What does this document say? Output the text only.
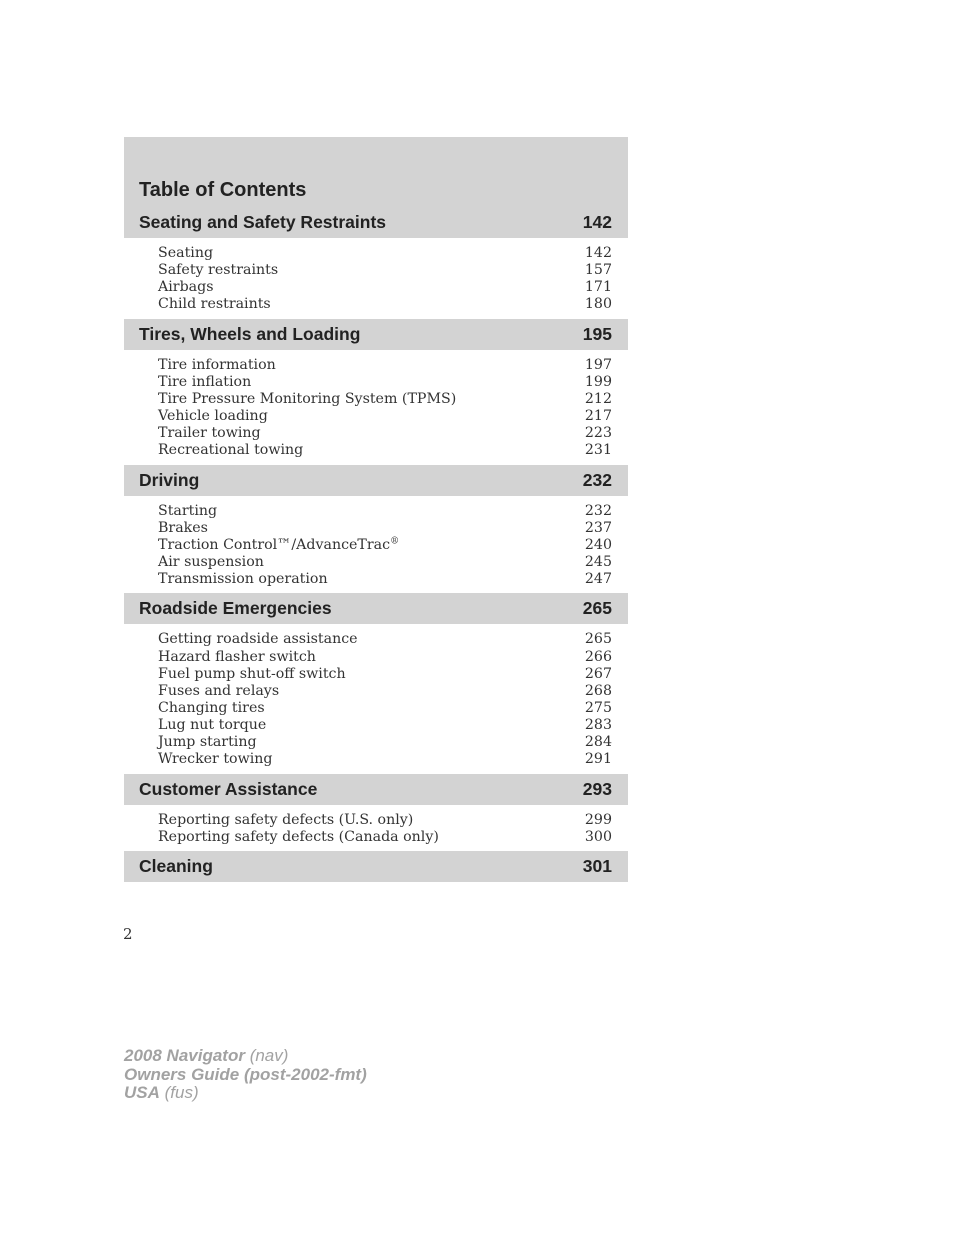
Table of Contents
Seating and Safety Restraints	142
Seating	142
Safety restraints	157
Airbags	171
Child restraints	180
Tires, Wheels and Loading	195
Tire information	197
Tire inflation	199
Tire Pressure Monitoring System (TPMS)	212
Vehicle loading	217
Trailer towing	223
Recreational towing	231
Driving	232
Starting	232
Brakes	237
Traction Control™/AdvanceTrac®	240
Air suspension	245
Transmission operation	247
Roadside Emergencies	265
Getting roadside assistance	265
Hazard flasher switch	266
Fuel pump shut-off switch	267
Fuses and relays	268
Changing tires	275
Lug nut torque	283
Jump starting	284
Wrecker towing	291
Customer Assistance	293
Reporting safety defects (U.S. only)	299
Reporting safety defects (Canada only)	300
Cleaning	301
2
2008 Navigator (nav)
Owners Guide (post-2002-fmt)
USA (fus)
